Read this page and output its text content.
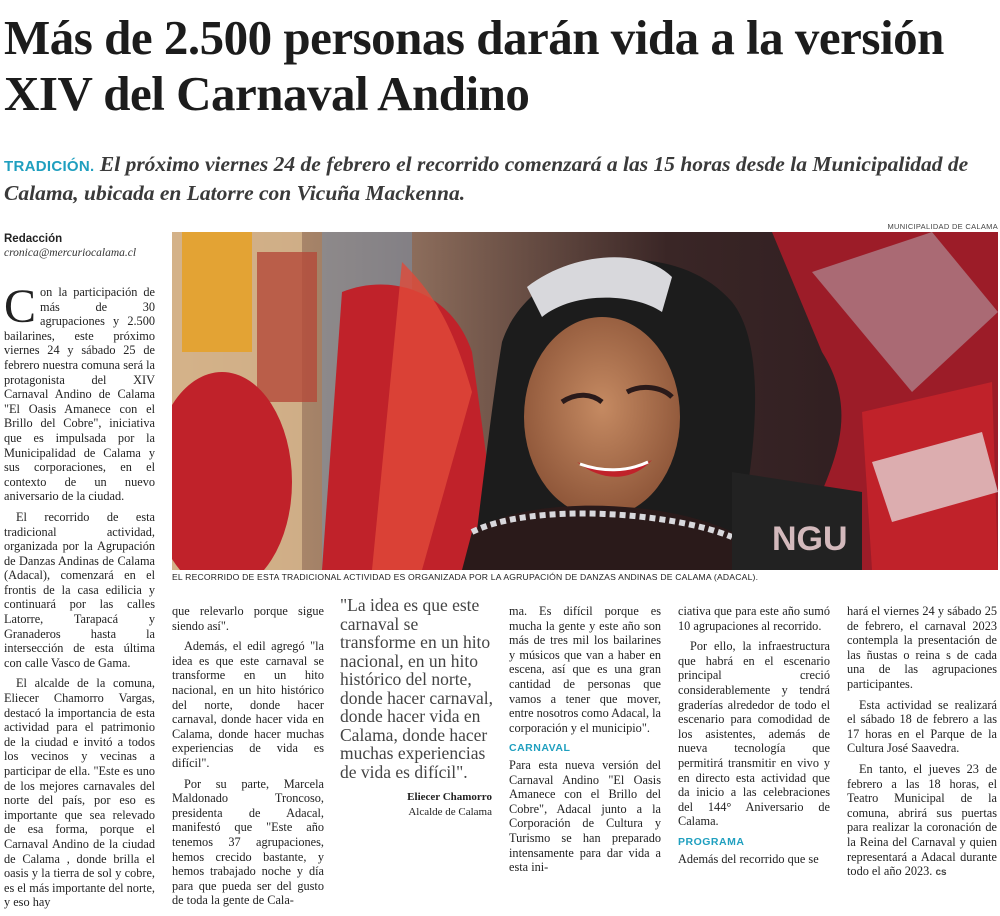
Más de 2.500 personas darán vida a la versión XIV del Carnaval Andino
TRADICIÓN. El próximo viernes 24 de febrero el recorrido comenzará a las 15 horas desde la Municipalidad de Calama, ubicada en Latorre con Vicuña Mackenna.
Redacción
cronica@mercuriocalama.cl
MUNICIPALIDAD DE CALAMA
NGU
EL RECORRIDO DE ESTA TRADICIONAL ACTIVIDAD ES ORGANIZADA POR LA AGRUPACIÓN DE DANZAS ANDINAS DE CALAMA (ADACAL).

Con la participación de más de 30 agrupaciones y 2.500 bailarines, este próximo viernes 24 y sábado 25 de febrero nuestra comuna será la protagonista del XIV Carnaval Andino de Calama "El Oasis Amanece con el Brillo del Cobre", iniciativa que es impulsada por la Municipalidad de Calama y sus corporaciones, en el contexto de un nuevo aniversario de la ciudad.

El recorrido de esta tradicional actividad, organizada por la Agrupación de Danzas Andinas de Calama (Adacal), comenzará en el frontis de la casa edilicia y continuará por las calles Latorre, Tarapacá y Granaderos hasta la intersección de esta última con calle Vasco de Gama.

El alcalde de la comuna, Eliecer Chamorro Vargas, destacó la importancia de esta actividad para el patrimonio de la ciudad e invitó a todos los vecinos y vecinas a participar de ella. "Este es uno de los mejores carnavales del norte del país, por eso es importante que sea relevado de esa forma, porque el Carnaval Andino de la ciudad de Calama , donde brilla el oasis y la tierra de sol y cobre, es el más importante del norte, y eso hay

que relevarlo porque sigue siendo así".

Además, el edil agregó "la idea es que este carnaval se transforme en un hito nacional, en un hito histórico del norte, donde hacer carnaval, donde hacer vida en Calama, donde hacer muchas experiencias de vida es difícil".

Por su parte, Marcela Maldonado Troncoso, presidenta de Adacal, manifestó que "Este año tenemos 37 agrupaciones, hemos crecido bastante, y hemos trabajado noche y día para que pueda ser del gusto de toda la gente de Cala-

"La idea es que este carnaval se transforme en un hito nacional, en un hito histórico del norte, donde hacer carnaval, donde hacer vida en Calama, donde hacer muchas experiencias de vida es difícil".
Eliecer Chamorro
Alcalde de Calama

ma. Es difícil porque es mucha la gente y este año son más de tres mil los bailarines y músicos que van a haber en escena, así que es una gran cantidad de personas que vamos a tener que mover, entre nosotros como Adacal, la corporación y el municipio".

CARNAVAL

Para esta nueva versión del Carnaval Andino "El Oasis Amanece con el Brillo del Cobre", Adacal junto a la Corporación de Cultura y Turismo se han preparado intensamente para dar vida a esta ini-

ciativa que para este año sumó 10 agrupaciones al recorrido.

Por ello, la infraestructura que habrá en el escenario principal creció considerablemente y tendrá graderías alrededor de todo el escenario para comodidad de los asistentes, además de nueva tecnología que permitirá transmitir en vivo y en directo esta actividad que da inicio a las celebraciones del 144° Aniversario de Calama.

PROGRAMA

Además del recorrido que se

hará el viernes 24 y sábado 25 de febrero, el carnaval 2023 contempla la presentación de las ñustas o reina s de cada una de las agrupaciones participantes.

Esta actividad se realizará el sábado 18 de febrero a las 17 horas en el Parque de la Cultura José Saavedra.

En tanto, el jueves 23 de febrero a las 18 horas, el Teatro Municipal de la comuna, abrirá sus puertas para realizar la coronación de la Reina del Carnaval y quien representará a Adacal durante todo el año 2023. cs
